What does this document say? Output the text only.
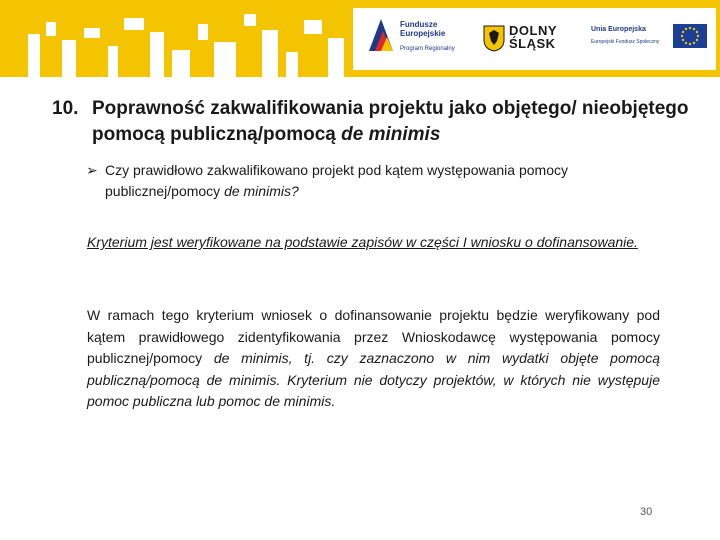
Fundusze
Europejskie
Program Regionalny
DOLNY
ŚLĄSK
Unia Europejska
Europejski Fundusz Społeczny
10. Poprawność zakwalifikowania projektu jako objętego/ nieobjętego pomocą publiczną/pomocą de minimis
➢ Czy prawidłowo zakwalifikowano projekt pod kątem występowania pomocy publicznej/pomocy de minimis?
Kryterium jest weryfikowane na podstawie zapisów w części I wniosku o dofinansowanie.
W ramach tego kryterium wniosek o dofinansowanie projektu będzie weryfikowany pod kątem prawidłowego zidentyfikowania przez Wnioskodawcę występowania pomocy publicznej/pomocy de minimis, tj. czy zaznaczono w nim wydatki objęte pomocą publiczną/pomocą de minimis. Kryterium nie dotyczy projektów, w których nie występuje pomoc publiczna lub pomoc de minimis.
30
